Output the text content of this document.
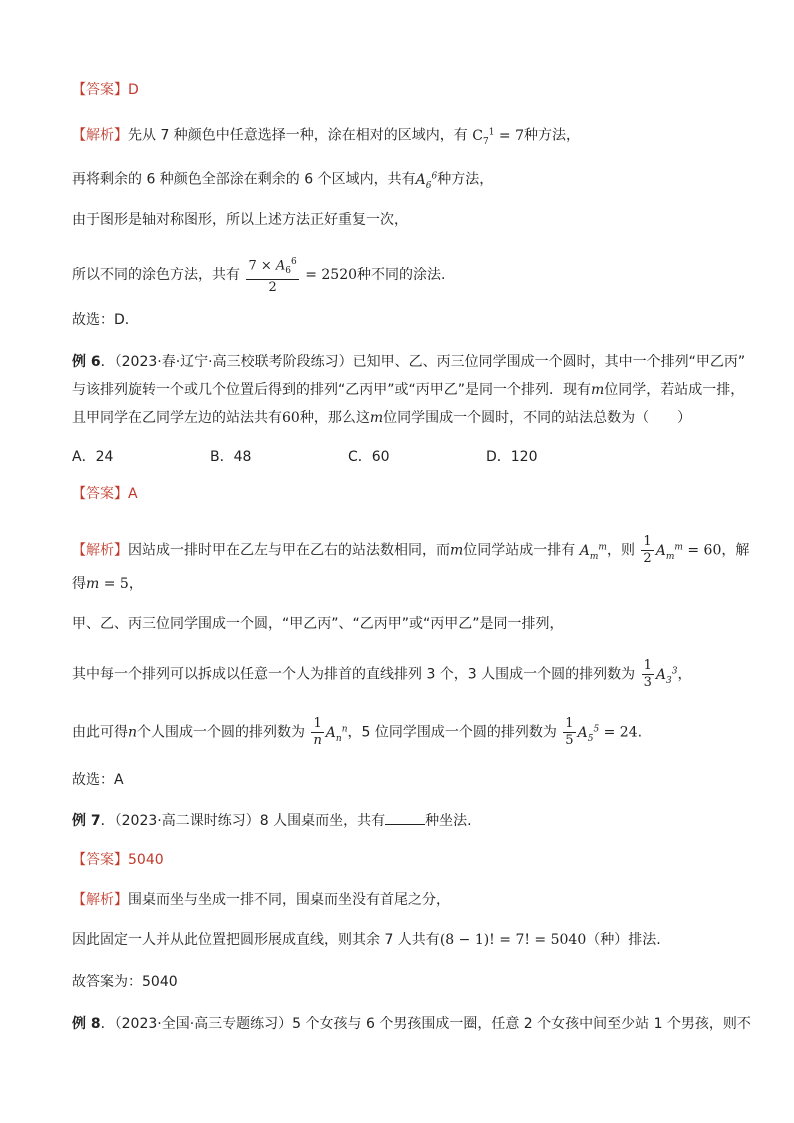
【答案】D
【解析】先从 7 种颜色中任意选择一种，涂在相对的区域内，有 $C_7^1 = 7$种方法，
再将剩余的 6 种颜色全部涂在剩余的 6 个区域内，共有$A_6^6$种方法，
由于图形是轴对称图形，所以上述方法正好重复一次，
所以不同的涂色方法，共有 $\frac{7 \times A_6^6}{2} = 2520$种不同的涂法.
故选：D.
例 6．（2023·春·辽宁·高三校联考阶段练习）已知甲、乙、丙三位同学围成一个圆时，其中一个排列“甲乙丙”
与该排列旋转一个或几个位置后得到的排列“乙丙甲”或“丙甲乙”是同一个排列．现有m位同学，若站成一排，
且甲同学在乙同学左边的站法共有60种，那么这m位同学围成一个圆时，不同的站法总数为（　　）
A．24	B．48	C．60	D．120
【答案】A
【解析】因站成一排时甲在乙左与甲在乙右的站法数相同，而m位同学站成一排有 $A_m^m$，则 $\frac{1}{2} A_m^m = 60$，解
得m = 5，
甲、乙、丙三位同学围成一个圆，“甲乙丙”、“乙丙甲”或“丙甲乙”是同一排列，
其中每一个排列可以拆成以任意一个人为排首的直线排列 3 个，3 人围成一个圆的排列数为 $\frac{1}{3} A_3^3$，
由此可得n个人围成一个圆的排列数为 $\frac{1}{n} A_n^n$，5 位同学围成一个圆的排列数为 $\frac{1}{5} A_5^5 = 24$.
故选：A
例 7．（2023·高二课时练习）8 人围桌而坐，共有	种坐法.
【答案】5040
【解析】围桌而坐与坐成一排不同，围桌而坐没有首尾之分，
因此固定一人并从此位置把圆形展成直线，则其余 7 人共有(8 − 1)! = 7! = 5040（种）排法.
故答案为：5040
例 8．（2023·全国·高三专题练习）5 个女孩与 6 个男孩围成一圈，任意 2 个女孩中间至少站 1 个男孩，则不
